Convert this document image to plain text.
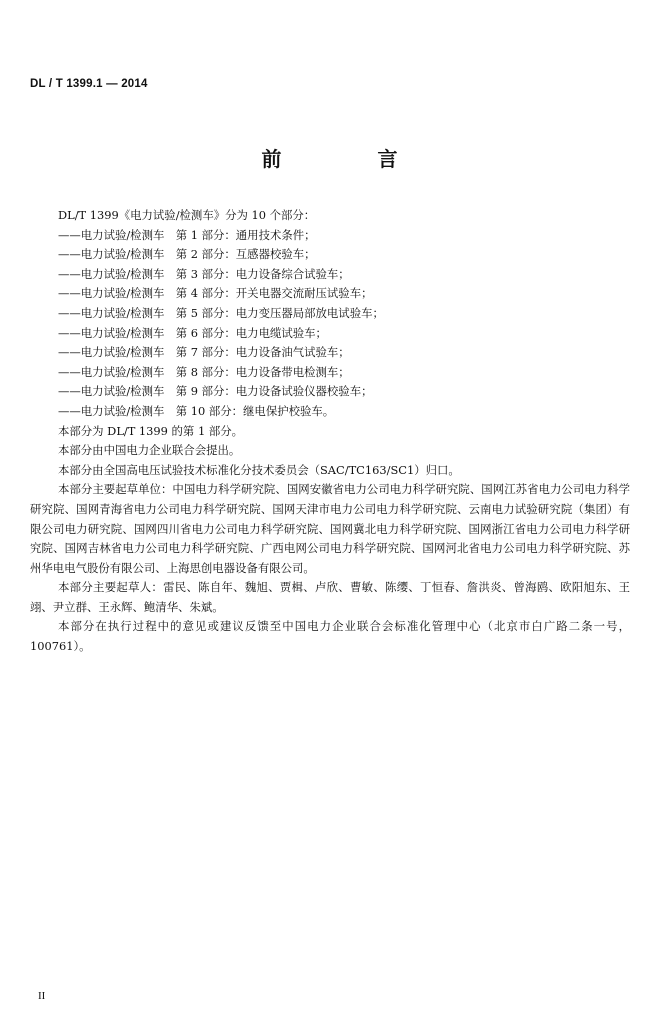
DL / T 1399.1 — 2014
前　言

DL/T 1399《电力试验/检测车》分为 10 个部分：

——电力试验/检测车　第 1 部分：通用技术条件；
——电力试验/检测车　第 2 部分：互感器校验车；
——电力试验/检测车　第 3 部分：电力设备综合试验车；
——电力试验/检测车　第 4 部分：开关电器交流耐压试验车；
——电力试验/检测车　第 5 部分：电力变压器局部放电试验车；
——电力试验/检测车　第 6 部分：电力电缆试验车；
——电力试验/检测车　第 7 部分：电力设备油气试验车；
——电力试验/检测车　第 8 部分：电力设备带电检测车；
——电力试验/检测车　第 9 部分：电力设备试验仪器校验车；
——电力试验/检测车　第 10 部分：继电保护校验车。

本部分为 DL/T 1399 的第 1 部分。

本部分由中国电力企业联合会提出。

本部分由全国高电压试验技术标准化分技术委员会（SAC/TC163/SC1）归口。

本部分主要起草单位：中国电力科学研究院、国网安徽省电力公司电力科学研究院、国网江苏省电力公司电力科学研究院、国网青海省电力公司电力科学研究院、国网天津市电力公司电力科学研究院、云南电力试验研究院（集团）有限公司电力研究院、国网四川省电力公司电力科学研究院、国网冀北电力科学研究院、国网浙江省电力公司电力科学研究院、国网吉林省电力公司电力科学研究院、广西电网公司电力科学研究院、国网河北省电力公司电力科学研究院、苏州华电电气股份有限公司、上海思创电器设备有限公司。

本部分主要起草人：雷民、陈自年、魏旭、贾楫、卢欣、曹敏、陈缨、丁恒春、詹洪炎、曾海鸥、欧阳旭东、王翊、尹立群、王永辉、鲍清华、朱斌。

本部分在执行过程中的意见或建议反馈至中国电力企业联合会标准化管理中心（北京市白广路二条一号，100761）。

II
